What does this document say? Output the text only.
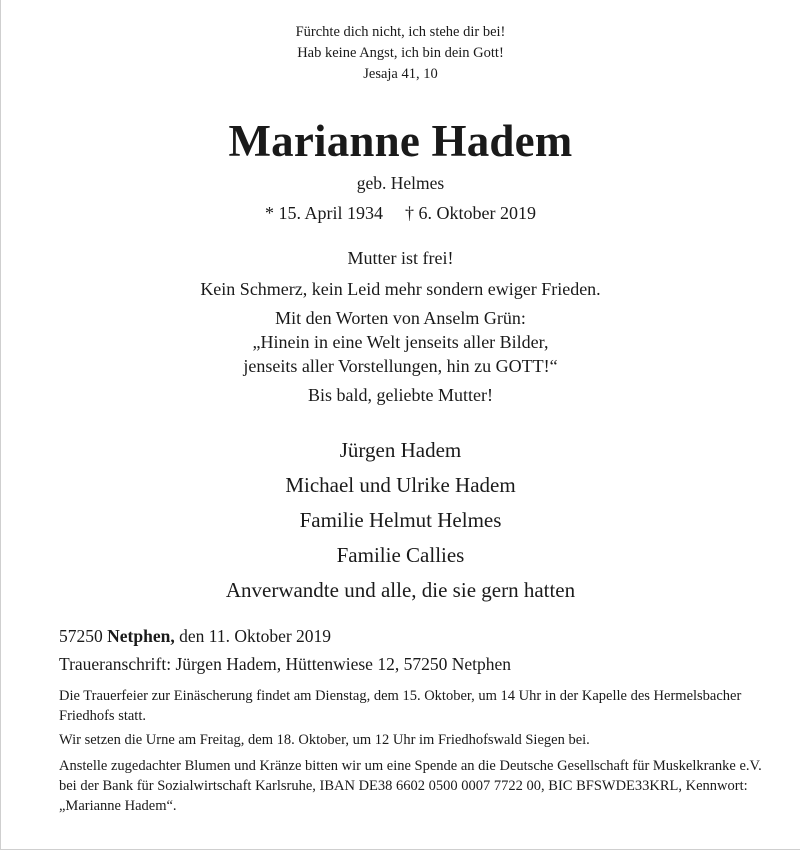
Fürchte dich nicht, ich stehe dir bei!
Hab keine Angst, ich bin dein Gott!
Jesaja 41, 10
Marianne Hadem
geb. Helmes
* 15. April 1934 † 6. Oktober 2019
Mutter ist frei!
Kein Schmerz, kein Leid mehr sondern ewiger Frieden.
Mit den Worten von Anselm Grün:
„Hinein in eine Welt jenseits aller Bilder,
jenseits aller Vorstellungen, hin zu GOTT!“
Bis bald, geliebte Mutter!
Jürgen Hadem
Michael und Ulrike Hadem
Familie Helmut Helmes
Familie Callies
Anverwandte und alle, die sie gern hatten
57250 Netphen, den 11. Oktober 2019
Traueranschrift: Jürgen Hadem, Hüttenwiese 12, 57250 Netphen
Die Trauerfeier zur Einäscherung findet am Dienstag, dem 15. Oktober, um 14 Uhr in der Kapelle des Hermelsbacher Friedhofs statt.
Wir setzen die Urne am Freitag, dem 18. Oktober, um 12 Uhr im Friedhofswald Siegen bei.
Anstelle zugedachter Blumen und Kränze bitten wir um eine Spende an die Deutsche Gesellschaft für Muskelkranke e.V. bei der Bank für Sozialwirtschaft Karlsruhe, IBAN DE38 6602 0500 0007 7722 00, BIC BFSWDE33KRL, Kennwort: „Marianne Hadem“.
